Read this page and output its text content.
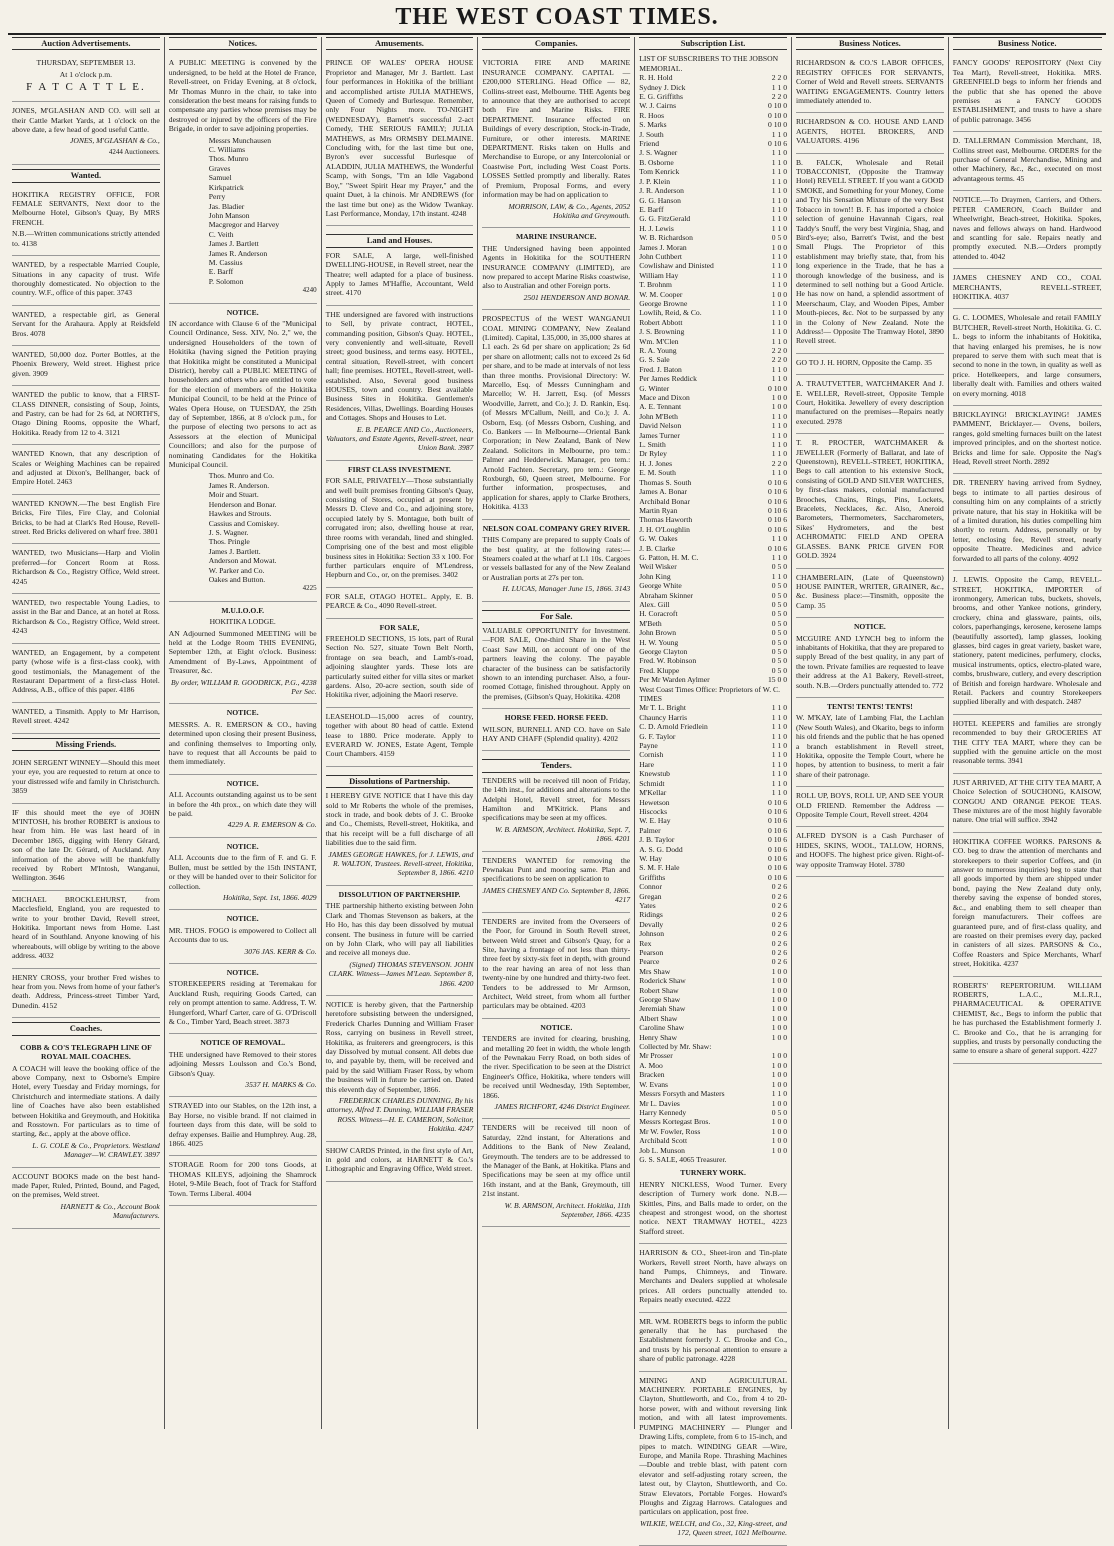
THE WEST COAST TIMES.
Auction Advertisements.

THURSDAY, SEPTEMBER 13.

At 1 o'clock p.m.

F A T C A T T L E.

JONES, M'GLASHAN AND CO. will sell at their Cattle Market Yards, at 1 o'clock on the above date, a few head of good useful Cattle.

JONES, M'GLASHAN & Co.,

4244 Auctioneers.

Wanted.

HOKITIKA REGISTRY OFFICE, FOR FEMALE SERVANTS, Next door to the Melbourne Hotel, Gibson's Quay, By MRS FRENCH.

N.B.—Written communications strictly attended to. 4138

WANTED, by a respectable Married Couple, Situations in any capacity of trust. Wife thoroughly domesticated. No objection to the country. W.F., office of this paper. 3743

WANTED, a respectable girl, as General Servant for the Arahaura. Apply at Reidsfeld Bros. 4078

WANTED, 50,000 doz. Porter Bottles, at the Phoenix Brewery, Weld street. Highest price given. 3909

WANTED the public to know, that a FIRST-CLASS DINNER, consisting of Soup, Joints, and Pastry, can be had for 2s 6d, at NORTH'S, Otago Dining Rooms, opposite the Wharf, Hokitika. Ready from 12 to 4. 3121

WANTED Known, that any description of Scales or Weighing Machines can be repaired and adjusted at Dixon's, Bellhanger, back of Empire Hotel. 2463

WANTED KNOWN.—The best English Fire Bricks, Fire Tiles, Fire Clay, and Colonial Bricks, to be had at Clark's Red House, Revell-street. Red Bricks delivered on wharf free. 3801

WANTED, two Musicians—Harp and Violin preferred—for Concert Room at Ross. Richardson & Co., Registry Office, Weld street. 4245

WANTED, two respectable Young Ladies, to assist in the Bar and Dance, at an hotel at Ross. Richardson & Co., Registry Office, Weld street. 4243

WANTED, an Engagement, by a competent party (whose wife is a first-class cook), with good testimonials, the Management of the Restaurant Department of a first-class Hotel. Address, A.B., office of this paper. 4186

WANTED, a Tinsmith. Apply to Mr Harrison, Revell street. 4242

Missing Friends.

JOHN SERGENT WINNEY—Should this meet your eye, you are requested to return at once to your distressed wife and family in Christchurch. 3859

IF this should meet the eye of JOHN M'INTOSH, his brother ROBERT is anxious to hear from him. He was last heard of in December 1865, digging with Henry Gérard, son of the late Dr. Gérard, of Auckland. Any information of the above will be thankfully received by Robert M'Intosh, Wanganui, Wellington. 3646

MICHAEL BROCKLEHURST, from Macclesfield, England, you are requested to write to your brother David, Revell street, Hokitika. Important news from Home. Last heard of in Southland. Anyone knowing of his whereabouts, will oblige by writing to the above address. 4032

HENRY CROSS, your brother Fred wishes to hear from you. News from home of your father's death. Address, Princess-street Timber Yard, Dunedin. 4152

Coaches.

COBB & CO'S TELEGRAPH LINE OF ROYAL MAIL COACHES.

A COACH will leave the booking office of the above Company, next to Osborne's Empire Hotel, every Tuesday and Friday mornings, for Christchurch and intermediate stations. A daily line of Coaches have also been established between Hokitika and Greymouth, and Hokitika and Rosstown. For particulars as to time of starting, &c., apply at the above office.

L. G. COLE & Co., Proprietors. Westland Manager—W. CRAWLEY. 3897

ACCOUNT BOOKS made on the best hand-made Paper, Ruled, Printed, Bound, and Paged, on the premises, Weld street.

HARNETT & Co., Account Book Manufacturers.

Notices.

A PUBLIC MEETING is convened by the undersigned, to be held at the Hotel de France, Revell-street, on Friday Evening, at 8 o'clock, Mr Thomas Munro in the chair, to take into consideration the best means for raising funds to compensate any parties whose premises may be destroyed or injured by the officers of the Fire Brigade, in order to save adjoining properties.

Messrs Munchausen
C. Williams
Thos. Munro
Graves
Samuel
Kirkpatrick
Perry
Jas. Bladier
John Manson
Macgregor and Harvey
C. Veith
James J. Bartlett
James R. Anderson
M. Cassius
E. Barff
P. Solomon

4240

NOTICE.

IN accordance with Clause 6 of the "Municipal Council Ordinance, Sess. XIV, No. 2," we, the undersigned Householders of the town of Hokitika (having signed the Petition praying that Hokitika might be constituted a Municipal District), hereby call a PUBLIC MEETING of householders and others who are entitled to vote for the election of members of the Hokitika Municipal Council, to be held at the Prince of Wales Opera House, on TUESDAY, the 25th day of September, 1866, at 8 o'clock p.m., for the purpose of electing two persons to act as Assessors at the election of Municipal Councillors; and also for the purpose of nominating Candidates for the Hokitika Municipal Council.

Thos. Munro and Co.
James R. Anderson.
Moir and Stuart.
Henderson and Bonar.
Hawkes and Strouts.
Cassius and Comiskey.
J. S. Wagner.
Thos. Pringle
James J. Bartlett.
Anderson and Mowat.
W. Parker and Co.
Oakes and Button.

4225

M.U.I.O.O.F.

HOKITIKA LODGE.

AN Adjourned Summoned MEETING will be held at the Lodge Room THIS EVENING, September 12th, at Eight o'clock. Business: Amendment of By-Laws, Appointment of Treasurer, &c.

By order, WILLIAM R. GOODRICK, P.G., 4238 Per Sec.

NOTICE.

MESSRS. A. R. EMERSON & CO., having determined upon closing their present Business, and confining themselves to Importing only, have to request that all Accounts be paid to them immediately.

NOTICE.

ALL Accounts outstanding against us to be sent in before the 4th prox., on which date they will be paid.

4229 A. R. EMERSON & Co.

NOTICE.

ALL Accounts due to the firm of F. and G. F. Bullen, must be settled by the 15th INSTANT, or they will be handed over to their Solicitor for collection.

Hokitika, Sept. 1st, 1866. 4029

NOTICE.

MR. THOS. FOGO is empowered to Collect all Accounts due to us.

3076 JAS. KERR & Co.

NOTICE.

STOREKEEPERS residing at Teremakau for Auckland Rush, requiring Goods Carted, can rely on prompt attention to same. Address, T. W. Hungerford, Wharf Carter, care of G. O'Driscoll & Co., Timber Yard, Beach street. 3873

NOTICE OF REMOVAL.

THE undersigned have Removed to their stores adjoining Messrs Loulsson and Co.'s Bond, Gibson's Quay.

3537 H. MARKS & Co.

STRAYED into our Stables, on the 12th inst, a Bay Horse, no visible brand. If not claimed in fourteen days from this date, will be sold to defray expenses. Bailie and Humphrey. Aug. 28, 1866. 4025

STORAGE Room for 200 tons Goods, at THOMAS KILEYS, adjoining the Shamrock Hotel, 9-Mile Beach, foot of Track for Stafford Town. Terms Liberal. 4004

Amusements.

PRINCE OF WALES' OPERA HOUSE Proprietor and Manager, Mr J. Bartlett. Last four performances in Hokitika of the brilliant and accomplished artiste JULIA MATHEWS, Queen of Comedy and Burlesque. Remember, only Four Nights more. TO-NIGHT (WEDNESDAY), Barnett's successful 2-act Comedy, THE SERIOUS FAMILY; JULIA MATHEWS, as Mrs ORMSBY DELMAINE. Concluding with, for the last time but one, Byron's ever successful Burlesque of ALADDIN, JULIA MATHEWS, the Wonderful Scamp, with Songs, "I'm an Idle Vagabond Boy," "Sweet Spirit Hear my Prayer," and the quaint Duet, à la chinois. Mr ANDREWS (for the last time but one) as the Widow Twankay. Last Performance, Monday, 17th instant. 4248

Land and Houses.

FOR SALE, A large, well-finished DWELLING-HOUSE, in Revell street, near the Theatre; well adapted for a place of business. Apply to James M'Haffie, Accountant, Weld street. 4170

THE undersigned are favored with instructions to Sell, by private contract, HOTEL, commanding position, Gibson's Quay. HOTEL, very conveniently and well-situate, Revell street; good business, and terms easy. HOTEL, central situation, Revell-street, with concert hall; fine premises. HOTEL, Revell-street, well-established. Also, Several good business HOUSES, town and country. Best available Business Sites in Hokitika. Gentlemen's Residences, Villas, Dwellings. Boarding Houses and Cottages. Shops and Houses to Let.

E. B. PEARCE AND Co., Auctioneers, Valuators, and Estate Agents, Revell-street, near Union Bank. 3987

FIRST CLASS INVESTMENT.

FOR SALE, PRIVATELY—Those substantially and well built premises fronting Gibson's Quay, consisting of Stores, occupied at present by Messrs D. Cleve and Co., and adjoining store, occupied lately by S. Montague, both built of corrugated iron; also, dwelling house at rear, three rooms with verandah, lined and shingled. Comprising one of the best and most eligible business sites in Hokitika: Section 33 x 100. For further particulars enquire of M'Lendress, Hepburn and Co., or, on the premises. 3402

FOR SALE, OTAGO HOTEL. Apply, E. B. PEARCE & Co., 4090 Revell-street.

FOR SALE,

FREEHOLD SECTIONS, 15 lots, part of Rural Section No. 527, situate Town Belt North, frontage on sea beach, and Lamb's-road, adjoining slaughter yards. These lots are particularly suited either for villa sites or market gardens. Also, 20-acre section, south side of Hokitika river, adjoining the Maori reserve.

LEASEHOLD—15,000 acres of country, together with about 80 head of cattle. Extend lease to 1880. Price moderate. Apply to EVERARD W. JONES, Estate Agent, Temple Court Chambers. 4159

Dissolutions of Partnership.

I HEREBY GIVE NOTICE that I have this day sold to Mr Roberts the whole of the premises, stock in trade, and book debts of J. C. Brooke and Co., Chemists, Revell-street, Hokitika, and that his receipt will be a full discharge of all liabilities due to the said firm.

JAMES GEORGE HAWKES, for J. LEWIS, and R. WALTON, Trustees. Revell-street, Hokitika, September 8, 1866. 4210

DISSOLUTION OF PARTNERSHIP.

THE partnership hitherto existing between John Clark and Thomas Stevenson as bakers, at the Ho Ho, has this day been dissolved by mutual consent. The business in future will be carried on by John Clark, who will pay all liabilities and receive all moneys due.

(Signed) THOMAS STEVENSON. JOHN CLARK. Witness—James M'Lean. September 8, 1866. 4200

NOTICE is hereby given, that the Partnership heretofore subsisting between the undersigned, Frederick Charles Dunning and William Fraser Ross, carrying on business in Revell street, Hokitika, as fruiterers and greengrocers, is this day Dissolved by mutual consent. All debts due to, and payable by, them, will be received and paid by the said William Fraser Ross, by whom the business will in future be carried on. Dated this eleventh day of September, 1866.

FREDERICK CHARLES DUNNING, By his attorney, Alfred T. Dunning, WILLIAM FRASER ROSS. Witness—H. E. CAMERON, Solicitor, Hokitika. 4247

SHOW CARDS Printed, in the first style of Art, in gold and colors, at HARNETT & Co.'s Lithographic and Engraving Office, Weld street.

Companies.

VICTORIA FIRE AND MARINE INSURANCE COMPANY. CAPITAL — £200,000 STERLING. Head Office — 82, Collins-street east, Melbourne. THE Agents beg to announce that they are authorised to accept both Fire and Marine Risks. FIRE DEPARTMENT. Insurance effected on Buildings of every description, Stock-in-Trade, Furniture, or other interests. MARINE DEPARTMENT. Risks taken on Hulls and Merchandise to Europe, or any Intercolonial or Coastwise Port, including West Coast Ports. LOSSES Settled promptly and liberally. Rates of Premium, Proposal Forms, and every information may be had on application to

MORRISON, LAW, & Co., Agents, 2052 Hokitika and Greymouth.

MARINE INSURANCE.

THE Undersigned having been appointed Agents in Hokitika for the SOUTHERN INSURANCE COMPANY (LIMITED), are now prepared to accept Marine Risks coastwise, also to Australian and other Foreign ports.

2501 HENDERSON AND BONAR.

PROSPECTUS of the WEST WANGANUI COAL MINING COMPANY, New Zealand (Limited). Capital, L35,000, in 35,000 shares at L1 each. 2s 6d per share on application; 2s 6d per share on allotment; calls not to exceed 2s 6d per share, and to be made at intervals of not less than three months. Provisional Directory: W. Marcello, Esq. of Messrs Cunningham and Marcello; W. H. Jarrett, Esq. (of Messrs Woodville, Jarrett, and Co.); J. D. Rankin, Esq. (of Messrs M'Callum, Neill, and Co.); J. A. Osborn, Esq. (of Messrs Osborn, Cushing, and Co. Bankers — In Melbourne—Oriental Bank Corporation; in New Zealand, Bank of New Zealand. Solicitors in Melbourne, pro tem.: Palmer and Hedderwick. Manager, pro tem.: Arnold Fachten. Secretary, pro tem.: George Roxburgh, 60, Queen street, Melbourne. For further information, prospectuses, and application for shares, apply to Clarke Brothers, Hokitika. 4133

NELSON COAL COMPANY GREY RIVER.

THIS Company are prepared to supply Coals of the best quality, at the following rates:— Steamers coaled at the wharf at L1 10s. Cargoes or vessels ballasted for any of the New Zealand or Australian ports at 27s per ton.

H. LUCAS, Manager June 15, 1866. 3143

For Sale.

VALUABLE OPPORTUNITY for Investment.—FOR SALE, One-third Share in the West Coast Saw Mill, on account of one of the partners leaving the colony. The payable character of the business can be satisfactorily shown to an intending purchaser. Also, a four-roomed Cottage, finished throughout. Apply on the premises, (Gibson's Quay, Hokitika. 4208

HORSE FEED. HORSE FEED.

WILSON, BURNELL AND CO. have on Sale HAY AND CHAFF (Splendid quality). 4202

Tenders.

TENDERS will be received till noon of Friday, the 14th inst., for additions and alterations to the Adelphi Hotel, Revell street, for Messrs Hamilton and M'Kitrick. Plans and specifications may be seen at my offices.

W. B. ARMSON, Architect. Hokitika, Sept. 7, 1866. 4201

TENDERS WANTED for removing the Pewnakau Punt and mooring same. Plan and specifications to be seen on application to

JAMES CHESNEY AND Co. September 8, 1866. 4217

TENDERS are invited from the Overseers of the Poor, for Ground in South Revell street, between Weld street and Gibson's Quay, for a Site, having a frontage of not less than thirty-three feet by sixty-six feet in depth, with ground to the rear having an area of not less than twenty-nine by one hundred and thirty-two feet. Tenders to be addressed to Mr Armson, Architect, Weld street, from whom all further particulars may be obtained. 4203

NOTICE.

TENDERS are invited for clearing, brushing, and metalling 20 feet in width, the whole length of the Pewnakau Ferry Road, on both sides of the river. Specification to be seen at the District Engineer's Office, Hokitika, where tenders will be received until Wednesday, 19th September, 1866.

JAMES RICHFORT, 4246 District Engineer.

TENDERS will be received till noon of Saturday, 22nd instant, for Alterations and Additions to the Bank of New Zealand, Greymouth. The tenders are to be addressed to the Manager of the Bank, at Hokitika. Plans and Specifications may be seen at my office until 16th instant, and at the Bank, Greymouth, till 21st instant.

W. B. ARMSON, Architect. Hokitika, 11th September, 1866. 4235

Subscription List.

LIST OF SUBSCRIBERS TO THE JOBSON MEMORIAL.

R. H. Hold	2 2 0
Sydney J. Dick	1 1 0
E. G. Griffiths	2 2 0
W. J. Cairns	0 10 0
R. Hoos	0 10 0
S. Marks	0 10 0
J. South	1 1 0
Friend	0 10 6
J. S. Wagner	1 1 0
B. Osborne	1 1 0
Tom Kenrick	1 1 0
J. P. Klein	1 1 0
J. R. Anderson	1 1 0
G. G. Hanson	1 1 0
E. Barff	1 1 0
G. G. FitzGerald	1 1 0
H. J. Lewis	1 1 0
W. B. Richardson	0 5 0
James J. Moran	1 0 0
John Cuthbert	1 1 0
Cowlishaw and Dinisted	1 1 0
William Hay	1 1 0
T. Brohnm	1 1 0
W. M. Cooper	1 0 0
George Browne	1 1 0
Lowlih, Reid, & Co.	1 1 0
Robert Abbott	1 1 0
J. S. Browning	1 1 0
Wm. M'Clen	1 1 0
R. A. Young	2 2 0
G. S. Sale	2 2 0
Fred. J. Baton	1 1 0
Per James Reddick	1 1 0
G. Winter	0 10 0
Mace and Dixon	1 0 0
A. E. Tennant	1 0 0
John M'Beth	1 1 0
David Nelson	1 1 0
James Turner	1 1 0
L. Smith	1 1 0
Dr Ryley	1 1 0
H. J. Jones	2 2 0
E. M. South	1 1 0
Thomas S. South	0 10 6
James A. Bonar	0 10 6
Archibald Bonar	0 10 6
Martin Ryan	0 10 6
Thomas Haworth	0 10 6
J. H. O'Loughlin	0 10 6
G. W. Oakes	1 1 0
J. B. Clarke	0 10 6
G. Patton, H. M. C.	1 1 0
Weil Wisker	0 5 0
John King	1 1 0
George White	0 5 0
Abraham Skinner	0 5 0
Alex. Gill	0 5 0
H. Coracroft	0 5 0
M'Beth	0 5 0
John Brown	0 5 0
H. W. Young	0 5 0
George Clayton	0 5 0
Fred. W. Robinson	0 5 0
Fred. Kluppe	0 5 0
Per Mr Warden Aylmer	15 0 0

West Coast Times Office: Proprietors of W. C. TIMES

Mr T. L. Bright	1 1 0
Chauncy Harris	1 1 0
C. D. Arnold Friedlein	1 1 0
G. F. Taylor	1 1 0
Payne	1 1 0
Cornish	1 1 0
Hare	1 1 0
Knewstub	1 1 0
Schmidt	1 1 0
M'Kellar	1 1 0
Hewetson	0 10 6
Hiscocks	0 10 6
W. E. Hay	0 10 6
Palmer	0 10 6
J. B. Taylor	0 10 6
A. S. G. Dodd	0 10 6
W. Hay	0 10 6
S. M. F. Hale	0 10 6
Griffiths	0 10 6
Connor	0 2 6
Gregan	0 2 6
Yates	0 2 6
Ridings	0 2 6
Devally	0 2 6
Johnson	0 2 6
Rex	0 2 6
Pearson	0 2 6
Pearce	0 2 6
Mrs Shaw	1 0 0
Roderick Shaw	1 0 0
Robert Shaw	1 0 0
George Shaw	1 0 0
Jeremiah Shaw	1 0 0
Albert Shaw	1 0 0
Caroline Shaw	1 0 0
Henry Shaw	1 0 0

Collected by Mr. Shaw:

Mr Prosser	1 0 0
A. Moo	1 0 0
Bracken	1 0 0
W. Evans	1 0 0
Messrs Forsyth and Masters	1 1 0
Mr L. Davies	1 0 0
Harry Kennedy	0 5 0
Messrs Kortegast Bros.	1 0 0
Mr W. Fowler, Ross	1 0 0
Archibald Scott	1 0 0
Job L. Munson	1 0 0

G. S. SALE, 4065 Treasurer.

TURNERY WORK.

HENRY NICKLESS, Wood Turner. Every description of Turnery work done. N.B.—Skittles, Pins, and Balls made to order, on the cheapest and strongest wood, on the shortest notice. NEXT TRAMWAY HOTEL, 4223 Stafford street.

HARRISON & CO., Sheet-iron and Tin-plate Workers, Revell street North, have always on hand Pumps, Chimneys, and Tinware. Merchants and Dealers supplied at wholesale prices. All orders punctually attended to. Repairs neatly executed. 4222

MR. WM. ROBERTS begs to inform the public generally that he has purchased the Establishment formerly J. C. Brooke and Co., and trusts by his personal attention to ensure a share of public patronage. 4228

MINING AND AGRICULTURAL MACHINERY. PORTABLE ENGINES, by Clayton, Shuttleworth, and Co., from 4 to 20-horse power, with and without reversing link motion, and with all latest improvements. PUMPING MACHINERY — Plunger and Drawing Lifts, complete, from 6 to 15-inch, and pipes to match. WINDING GEAR —Wire, Europe, and Manila Rope. Thrashing Machines—Double and treble blast, with patent corn elevator and self-adjusting rotary screen, the latest out, by Clayton, Shuttleworth, and Co. Straw Elevators, Portable Forges. Howard's Ploughs and Zigzag Harrows. Catalogues and particulars on application, post free.

WILKIE, WELCH, and Co., 32, King-street, and 172, Queen street, 1021 Melbourne.

Business Notices.

RICHARDSON & CO.'S LABOR OFFICES, REGISTRY OFFICES FOR SERVANTS, Corner of Weld and Revell streets. SERVANTS WAITING ENGAGEMENTS. Country letters immediately attended to.

RICHARDSON & CO. HOUSE AND LAND AGENTS, HOTEL BROKERS, AND VALUATORS. 4196

B. FALCK, Wholesale and Retail TOBACCONIST, (Opposite the Tramway Hotel) REVELL STREET. If you want a GOOD SMOKE, and Something for your Money, Come and Try his Sensation Mixture of the very Best Tobacco in town!! B. F. has imported a choice selection of genuine Havannah Cigars, real Taddy's Snuff, the very best Virginia, Shag, and Bird's-eye; also, Barrett's Twist, and the best Small Plugs. The Proprietor of this establishment may briefly state, that, from his long experience in the Trade, that he has a thorough knowledge of the business, and is determined to sell nothing but a Good Article. He has now on hand, a splendid assortment of Meerschaum, Clay, and Wooden Pipes, Amber Mouth-pieces, &c. Not to be surpassed by any in the Colony of New Zealand. Note the Address!— Opposite The Tramway Hotel, 3890 Revell street.

GO TO J. H. HORN, Opposite the Camp. 35

A. TRAUTVETTER, WATCHMAKER And J. E. WELLER, Revell-street, Opposite Temple Court, Hokitika. Jewellery of every description manufactured on the premises—Repairs neatly executed. 2978

T. R. PROCTER, WATCHMAKER & JEWELLER (Formerly of Ballarat, and late of Queenstown), REVELL-STREET, HOKITIKA, Begs to call attention to his extensive Stock, consisting of GOLD AND SILVER WATCHES, by first-class makers, colonial manufactured Brooches, Chains, Rings, Pins, Lockets, Bracelets, Necklaces, &c. Also, Aneroid Barometers, Thermometers, Saccharometers, Sikes' Hydrometers, and the best ACHROMATIC FIELD AND OPERA GLASSES. BANK PRICE GIVEN FOR GOLD. 3924

CHAMBERLAIN, (Late of Queenstown) HOUSE PAINTER, WRITER, GRAINER, &c., &c. Business place:—Tinsmith, opposite the Camp. 35

NOTICE.

MCGUIRE AND LYNCH beg to inform the inhabitants of Hokitika, that they are prepared to supply Bread of the best quality, in any part of the town. Private families are requested to leave their address at the A1 Bakery, Revell-street, south. N.B.—Orders punctually attended to. 772

TENTS! TENTS! TENTS!

W. M'KAY, late of Lambing Flat, the Lachlan (New South Wales), and Okarito, begs to inform his old friends and the public that he has opened a branch establishment in Revell street, Hokitika, opposite the Temple Court, where he hopes, by attention to business, to merit a fair share of their patronage.

ROLL UP, BOYS, ROLL UP, AND SEE YOUR OLD FRIEND. Remember the Address — Opposite Temple Court, Revell street. 4204

ALFRED DYSON is a Cash Purchaser of HIDES, SKINS, WOOL, TALLOW, HORNS, and HOOFS. The highest price given. Right-of-way opposite Tramway Hotel. 3780

Business Notice.

FANCY GOODS' REPOSITORY (Next City Tea Mart), Revell-street, Hokitika. MRS. GREENFIELD begs to inform her friends and the public that she has opened the above premises as a FANCY GOODS ESTABLISHMENT, and trusts to have a share of public patronage. 3456

D. TALLERMAN Commission Merchant, 18, Collins street east, Melbourne. ORDERS for the purchase of General Merchandise, Mining and other Machinery, &c., &c., executed on most advantageous terms. 45

NOTICE.—To Draymen, Carriers, and Others. PETER CAMERON, Coach Builder and Wheelwright, Beach-street, Hokitika. Spokes, naves and fellows always on hand. Hardwood and scantling for sale. Repairs neatly and promptly executed. N.B.—Orders promptly attended to. 4042

JAMES CHESNEY AND CO., COAL MERCHANTS, REVELL-STREET, HOKITIKA. 4037

G. C. LOOMES, Wholesale and retail FAMILY BUTCHER, Revell-street North, Hokitika. G. C. L. begs to inform the inhabitants of Hokitika, that having enlarged his premises, he is now prepared to serve them with such meat that is second to none in the town, in quality as well as price. Hotelkeepers, and large consumers, liberally dealt with. Families and others waited on every morning. 4018

BRICKLAYING! BRICKLAYING! JAMES PAMMENT, Bricklayer.— Ovens, boilers, ranges, gold smelting furnaces built on the latest improved principles, and on the shortest notice. Bricks and lime for sale. Opposite the Nag's Head, Revell street North. 2892

DR. TRENERY having arrived from Sydney, begs to intimate to all parties desirous of consulting him on any complaints of a strictly private nature, that his stay in Hokitika will be of a limited duration, his duties compelling him shortly to return. Address, personally or by letter, enclosing fee, Revell street, nearly opposite Theatre. Medicines and advice forwarded to all parts of the colony. 4092

J. LEWIS. Opposite the Camp, REVELL-STREET, HOKITIKA, IMPORTER of ironmongery, American tubs, buckets, shovels, brooms, and other Yankee notions, grindery, crockery, china and glassware, paints, oils, colors, paperhangings, kerosene, kerosene lamps (beautifully assorted), lamp glasses, looking glasses, bird cages in great variety, basket ware, stationery, patent medicines, perfumery, clocks, musical instruments, optics, electro-plated ware, combs, brushware, cutlery, and every description of British and foreign hardware. Wholesale and Retail. Packers and country Storekeepers supplied liberally and with despatch. 2487

HOTEL KEEPERS and families are strongly recommended to buy their GROCERIES AT THE CITY TEA MART, where they can be supplied with the genuine article on the most reasonable terms. 3941

JUST ARRIVED, AT THE CITY TEA MART, A Choice Selection of SOUCHONG, KAISOW, CONGOU AND ORANGE PEKOE TEAS. These mixtures are of the most highly favorable nature. One trial will suffice. 3942

HOKITIKA COFFEE WORKS. PARSONS & CO. beg to draw the attention of merchants and storekeepers to their superior Coffees, and (in answer to numerous inquiries) beg to state that all goods imported by them are shipped under bond, paying the New Zealand duty only, thereby saving the expense of bonded stores, &c., and enabling them to sell cheaper than foreign manufacturers. Their coffees are guaranteed pure, and of first-class quality, and are roasted on their premises every day, packed in canisters of all sizes. PARSONS & Co., Coffee Roasters and Spice Merchants, Wharf street, Hokitika. 4237

ROBERTS' REPERTORIUM. WILLIAM ROBERTS, L.A.C., M.L.R.I., PHARMACEUTICAL & OPERATIVE CHEMIST, &c., Begs to inform the public that he has purchased the Establishment formerly J. C. Brooke and Co., that he is arranging for supplies, and trusts by personally conducting the same to ensure a share of general support. 4227
